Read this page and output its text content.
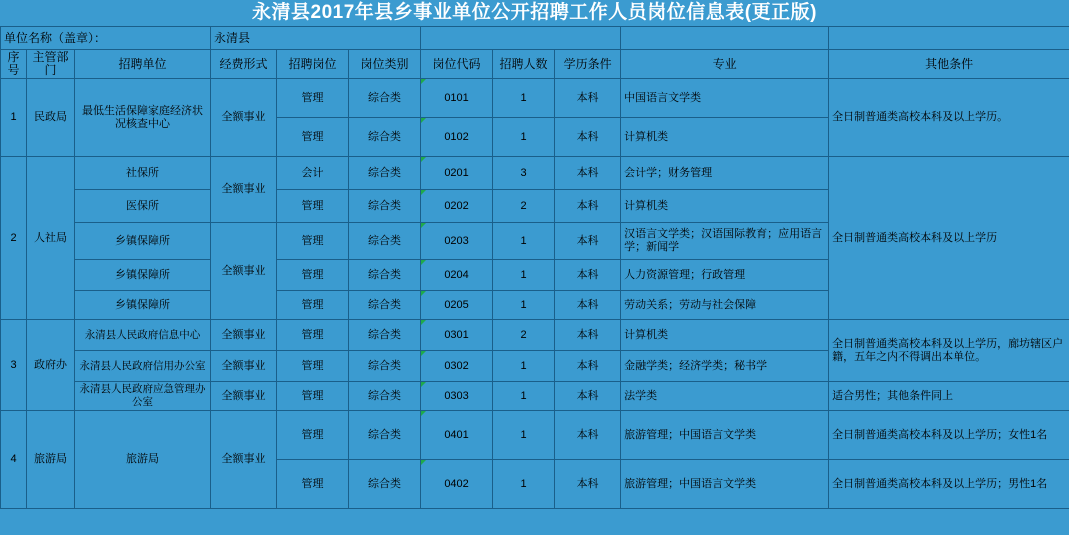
永清县2017年县乡事业单位公开招聘工作人员岗位信息表(更正版)
单位名称（盖章）：			永清县							
序号	主管部门	招聘单位	经费形式	招聘岗位	岗位类别	岗位代码	招聘人数	学历条件	专业	其他条件
1	民政局	最低生活保障家庭经济状况核查中心	全额事业	管理	综合类	0101	1	本科	中国语言文学类	全日制普通类高校本科及以上学历。
				管理	综合类	0102	1	本科	计算机类	
2	人社局	社保所	全额事业	会计	综合类	0201	3	本科	会计学；财务管理	全日制普通类高校本科及以上学历
		医保所		管理	综合类	0202	2	本科	计算机类	
		乡镇保障所	全额事业	管理	综合类	0203	1	本科	汉语言文学类；汉语国际教育；应用语言学；新闻学	
		乡镇保障所		管理	综合类	0204	1	本科	人力资源管理；行政管理	
		乡镇保障所		管理	综合类	0205	1	本科	劳动关系；劳动与社会保障	
3	政府办	永清县人民政府信息中心	全额事业	管理	综合类	0301	2	本科	计算机类	全日制普通类高校本科及以上学历，廊坊辖区户籍，五年之内不得调出本单位。
		永清县人民政府信用办公室	全额事业	管理	综合类	0302	1	本科	金融学类；经济学类；秘书学	
		永清县人民政府应急管理办公室	全额事业	管理	综合类	0303	1	本科	法学类	适合男性；其他条件同上
4	旅游局	旅游局	全额事业	管理	综合类	0401	1	本科	旅游管理；中国语言文学类	全日制普通类高校本科及以上学历；女性1名
				管理	综合类	0402	1	本科	旅游管理；中国语言文学类	全日制普通类高校本科及以上学历；男性1名
